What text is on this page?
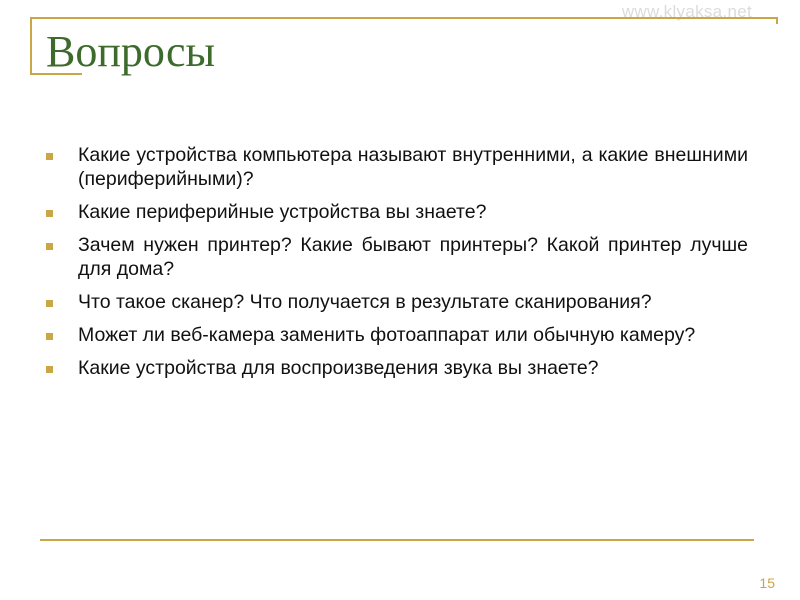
www.klyaksa.net
Вопросы
Какие устройства компьютера называют внутренними, а какие внешними (периферийными)?
Какие периферийные устройства вы знаете?
Зачем нужен принтер? Какие бывают принтеры? Какой принтер лучше для дома?
Что такое сканер? Что получается в результате сканирования?
Может ли веб-камера заменить фотоаппарат или обычную камеру?
Какие устройства для воспроизведения звука вы знаете?
15
